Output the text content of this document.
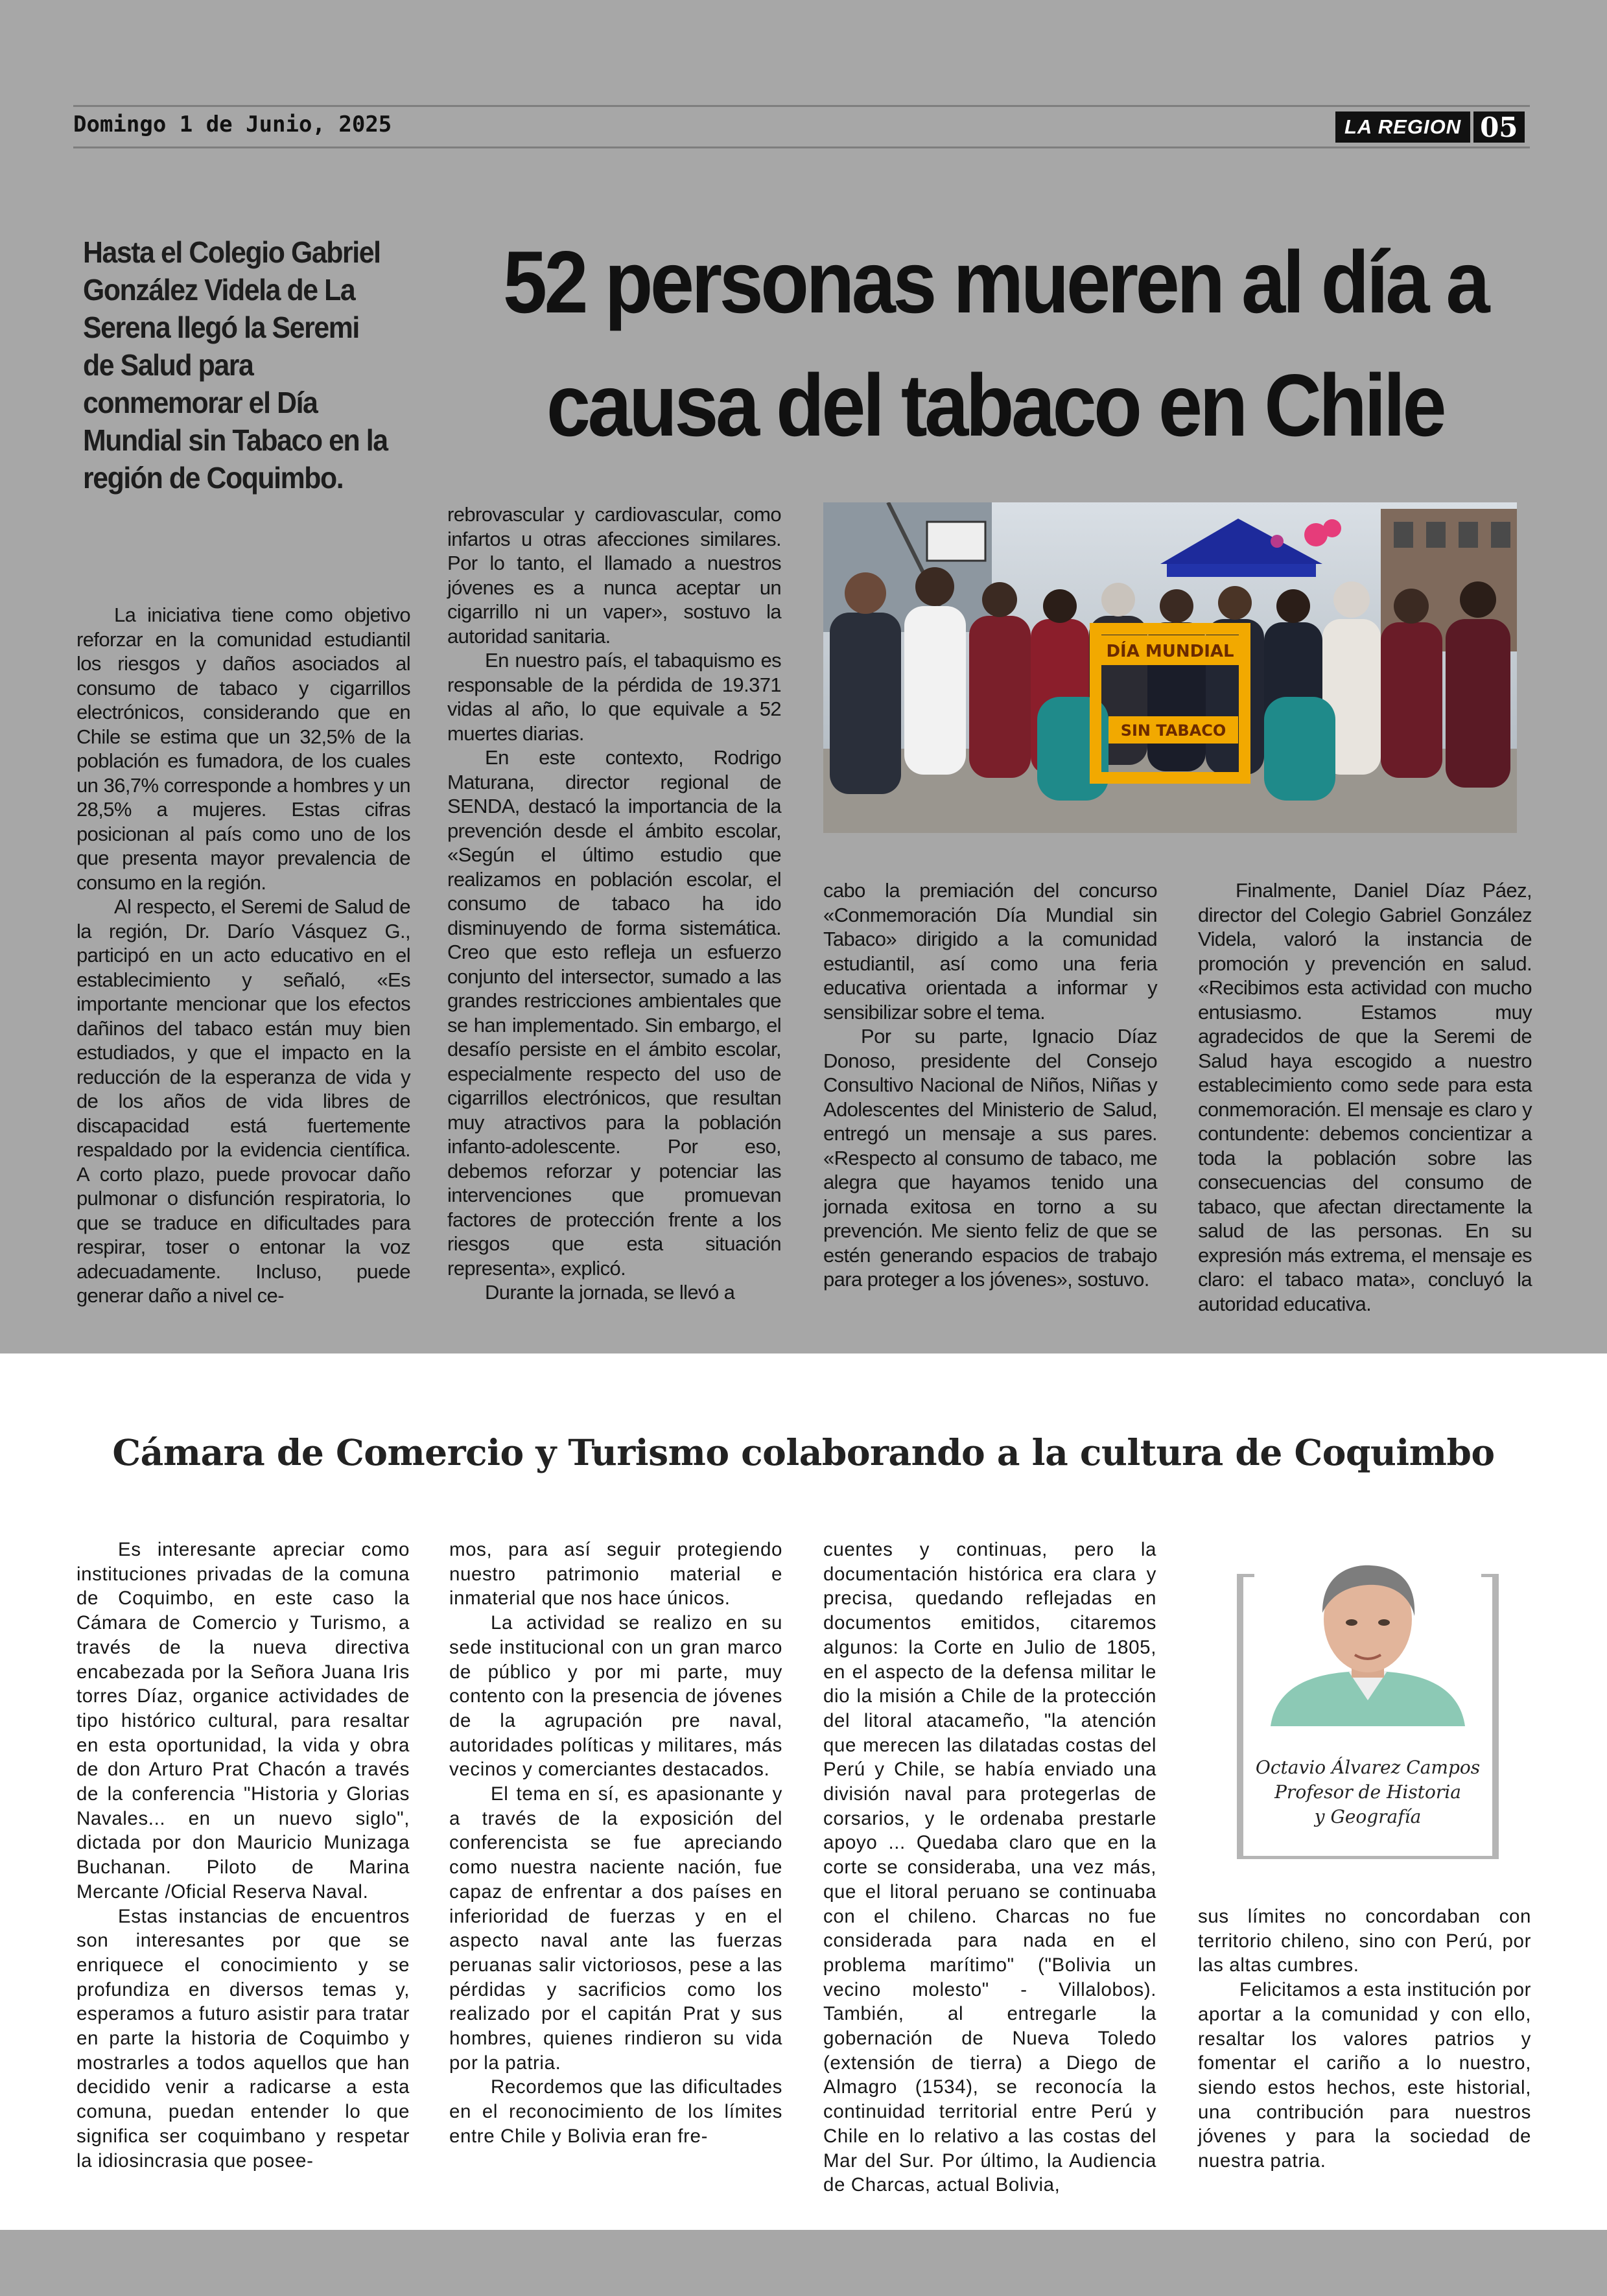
Domingo 1 de Junio, 2025	LA REGION 05

Hasta el Colegio Gabriel González Videla de La Serena llegó la Seremi de Salud para conmemorar el Día Mundial sin Tabaco en la región de Coquimbo.

52 personas mueren al día a
causa del tabaco en Chile

La iniciativa tiene como objetivo reforzar en la comunidad estudiantil los riesgos y daños asociados al consumo de tabaco y cigarrillos electrónicos, considerando que en Chile se estima que un 32,5% de la población es fumadora, de los cuales un 36,7% corresponde a hombres y un 28,5% a mujeres. Estas cifras posicionan al país como uno de los que presenta mayor prevalencia de consumo en la región.

Al respecto, el Seremi de Salud de la región, Dr. Darío Vásquez G., participó en un acto educativo en el establecimiento y señaló, «Es importante mencionar que los efectos dañinos del tabaco están muy bien estudiados, y que el impacto en la reducción de la esperanza de vida y de los años de vida libres de discapacidad está fuertemente respaldado por la evidencia científica. A corto plazo, puede provocar daño pulmonar o disfunción respiratoria, lo que se traduce en dificultades para respirar, toser o entonar la voz adecuadamente. Incluso, puede generar daño a nivel ce-

rebrovascular y cardiovascular, como infartos u otras afecciones similares. Por lo tanto, el llamado a nuestros jóvenes es a nunca aceptar un cigarrillo ni un vaper», sostuvo la autoridad sanitaria.

En nuestro país, el tabaquismo es responsable de la pérdida de 19.371 vidas al año, lo que equivale a 52 muertes diarias.

En este contexto, Rodrigo Maturana, director regional de SENDA, destacó la importancia de la prevención desde el ámbito escolar, «Según el último estudio que realizamos en población escolar, el consumo de tabaco ha ido disminuyendo de forma sistemática. Creo que esto refleja un esfuerzo conjunto del intersector, sumado a las grandes restricciones ambientales que se han implementado. Sin embargo, el desafío persiste en el ámbito escolar, especialmente respecto del uso de cigarrillos electrónicos, que resultan muy atractivos para la población infanto-adolescente. Por eso, debemos reforzar y potenciar las intervenciones que promuevan factores de protección frente a los riesgos que esta situación representa», explicó.

Durante la jornada, se llevó a

cabo la premiación del concurso «Conmemoración Día Mundial sin Tabaco» dirigido a la comunidad estudiantil, así como una feria educativa orientada a informar y sensibilizar sobre el tema.

Por su parte, Ignacio Díaz Donoso, presidente del Consejo Consultivo Nacional de Niños, Niñas y Adolescentes del Ministerio de Salud, entregó un mensaje a sus pares. «Respecto al consumo de tabaco, me alegra que hayamos tenido una jornada exitosa en torno a su prevención. Me siento feliz de que se estén generando espacios de trabajo para proteger a los jóvenes», sostuvo.

Finalmente, Daniel Díaz Páez, director del Colegio Gabriel González Videla, valoró la instancia de promoción y prevención en salud. «Recibimos esta actividad con mucho entusiasmo. Estamos muy agradecidos de que la Seremi de Salud haya escogido a nuestro establecimiento como sede para esta conmemoración. El mensaje es claro y contundente: debemos concientizar a toda la población sobre las consecuencias del consumo de tabaco, que afectan directamente la salud de las personas. En su expresión más extrema, el mensaje es claro: el tabaco mata», concluyó la autoridad educativa.

DÍA MUNDIAL
SIN TABACO
Cámara de Comercio y Turismo colaborando a la cultura de Coquimbo

Es interesante apreciar como instituciones privadas de la comuna de Coquimbo, en este caso la Cámara de Comercio y Turismo, a través de la nueva directiva encabezada por la Señora Juana Iris torres Díaz, organice actividades de tipo histórico cultural, para resaltar en esta oportunidad, la vida y obra de don Arturo Prat Chacón a través de la conferencia "Historia y Glorias Navales... en un nuevo siglo", dictada por don Mauricio Munizaga Buchanan. Piloto de Marina Mercante /Oficial Reserva Naval.

Estas instancias de encuentros son interesantes por que se enriquece el conocimiento y se profundiza en diversos temas y, esperamos a futuro asistir para tratar en parte la historia de Coquimbo y mostrarles a todos aquellos que han decidido venir a radicarse a esta comuna, puedan entender lo que significa ser coquimbano y respetar la idiosincrasia que posee-

mos, para así seguir protegiendo nuestro patrimonio material e inmaterial que nos hace únicos.

La actividad se realizo en su sede institucional con un gran marco de público y por mi parte, muy contento con la presencia de jóvenes de la agrupación pre naval, autoridades políticas y militares, más vecinos y comerciantes destacados.

El tema en sí, es apasionante y a través de la exposición del conferencista se fue apreciando como nuestra naciente nación, fue capaz de enfrentar a dos países en inferioridad de fuerzas y en el aspecto naval ante las fuerzas peruanas salir victoriosos, pese a las pérdidas y sacrificios como los realizado por el capitán Prat y sus hombres, quienes rindieron su vida por la patria.

Recordemos que las dificultades en el reconocimiento de los límites entre Chile y Bolivia eran fre-

cuentes y continuas, pero la documentación histórica era clara y precisa, quedando reflejadas en documentos emitidos, citaremos algunos: la Corte en Julio de 1805, en el aspecto de la defensa militar le dio la misión a Chile de la protección del litoral atacameño, "la atención que merecen las dilatadas costas del Perú y Chile, se había enviado una división naval para protegerlas de corsarios, y le ordenaba prestarle apoyo ... Quedaba claro que en la corte se consideraba, una vez más, que el litoral peruano se continuaba con el chileno. Charcas no fue considerada para nada en el problema marítimo" ("Bolivia un vecino molesto" - Villalobos). También, al entregarle la gobernación de Nueva Toledo (extensión de tierra) a Diego de Almagro (1534), se reconocía la continuidad territorial entre Perú y Chile en lo relativo a las costas del Mar del Sur. Por último, la Audiencia de Charcas, actual Bolivia,

sus límites no concordaban con territorio chileno, sino con Perú, por las altas cumbres.

Felicitamos a esta institución por aportar a la comunidad y con ello, resaltar los valores patrios y fomentar el cariño a lo nuestro, siendo estos hechos, este historial, una contribución para nuestros jóvenes y para la sociedad de nuestra patria.

Octavio Álvarez Campos
Profesor de Historia
y Geografía
